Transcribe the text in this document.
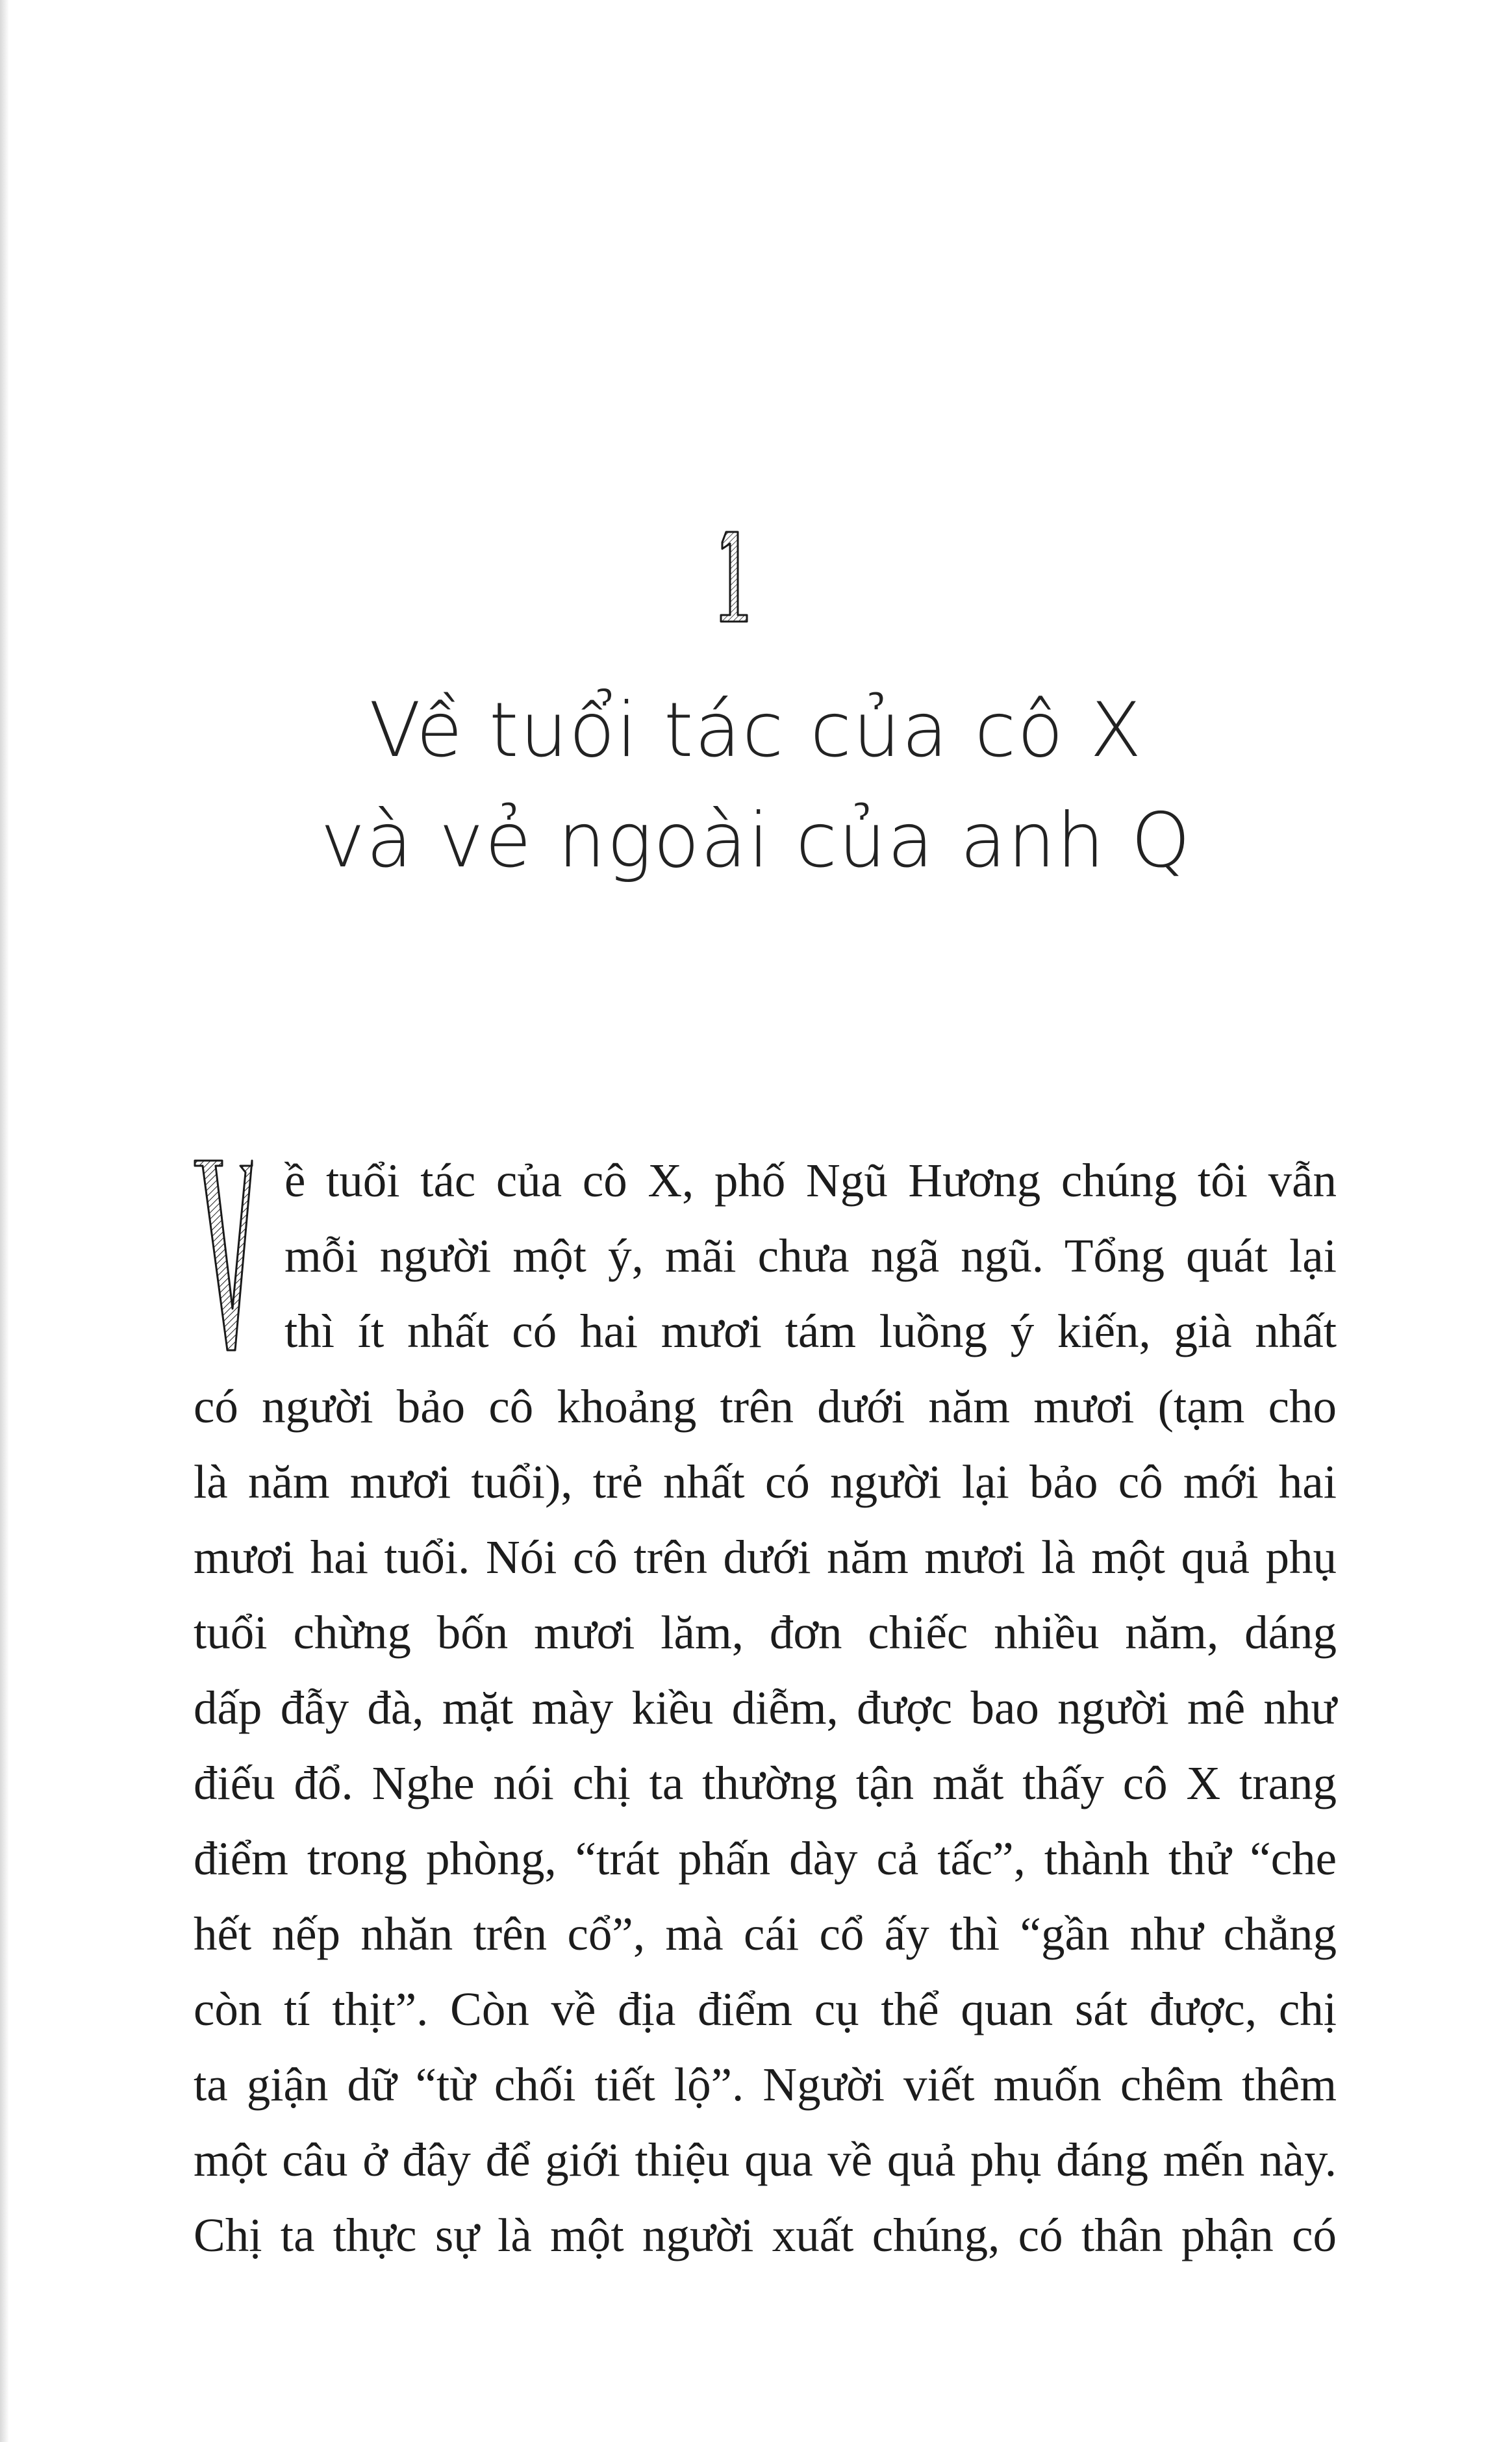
Về tuổi tác của cô X
và vẻ ngoài của anh Q
ề tuổi tác của cô X, phố Ngũ Hương chúng tôi vẫn
mỗi người một ý, mãi chưa ngã ngũ. Tổng quát lại
thì ít nhất có hai mươi tám luồng ý kiến, già nhất
có người bảo cô khoảng trên dưới năm mươi (tạm cho
là năm mươi tuổi), trẻ nhất có người lại bảo cô mới hai
mươi hai tuổi. Nói cô trên dưới năm mươi là một quả phụ
tuổi chừng bốn mươi lăm, đơn chiếc nhiều năm, dáng
dấp đẫy đà, mặt mày kiều diễm, được bao người mê như
điếu đổ. Nghe nói chị ta thường tận mắt thấy cô X trang
điểm trong phòng, “trát phấn dày cả tấc”, thành thử “che
hết nếp nhăn trên cổ”, mà cái cổ ấy thì “gần như chẳng
còn tí thịt”. Còn về địa điểm cụ thể quan sát được, chị
ta giận dữ “từ chối tiết lộ”. Người viết muốn chêm thêm
một câu ở đây để giới thiệu qua về quả phụ đáng mến này.
Chị ta thực sự là một người xuất chúng, có thân phận có
